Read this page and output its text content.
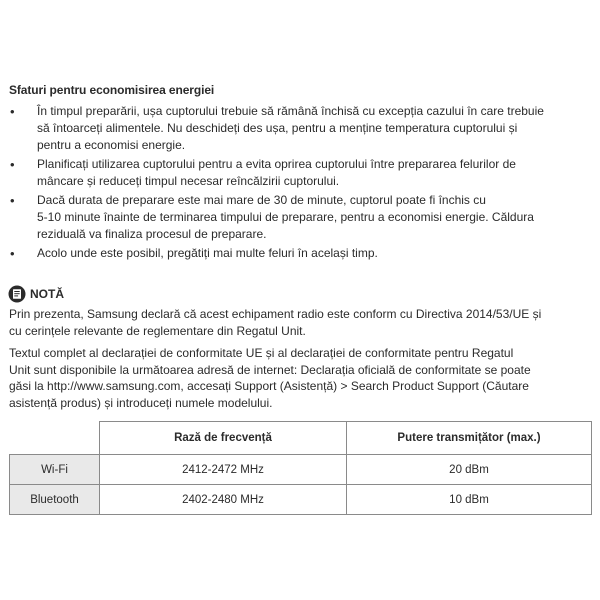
Sfaturi pentru economisirea energiei
• În timpul preparării, ușa cuptorului trebuie să rămână închisă cu excepția cazului în care trebuie
să întoarceți alimentele. Nu deschideți des ușa, pentru a menține temperatura cuptorului și
pentru a economisi energie.
• Planificați utilizarea cuptorului pentru a evita oprirea cuptorului între prepararea felurilor de
mâncare și reduceți timpul necesar reîncălzirii cuptorului.
• Dacă durata de preparare este mai mare de 30 de minute, cuptorul poate fi închis cu
5-10 minute înainte de terminarea timpului de preparare, pentru a economisi energie. Căldura
reziduală va finaliza procesul de preparare.
• Acolo unde este posibil, pregătiți mai multe feluri în același timp.
NOTĂ
Prin prezenta, Samsung declară că acest echipament radio este conform cu Directiva 2014/53/UE și
cu cerințele relevante de reglementare din Regatul Unit.
Textul complet al declarației de conformitate UE și al declarației de conformitate pentru Regatul
Unit sunt disponibile la următoarea adresă de internet: Declarația oficială de conformitate se poate
găsi la http://www.samsung.com, accesați Support (Asistență) > Search Product Support (Căutare
asistență produs) și introduceți numele modelului.
	Rază de frecvență	Putere transmițător (max.)
Wi-Fi	2412-2472 MHz	20 dBm
Bluetooth	2402-2480 MHz	10 dBm
